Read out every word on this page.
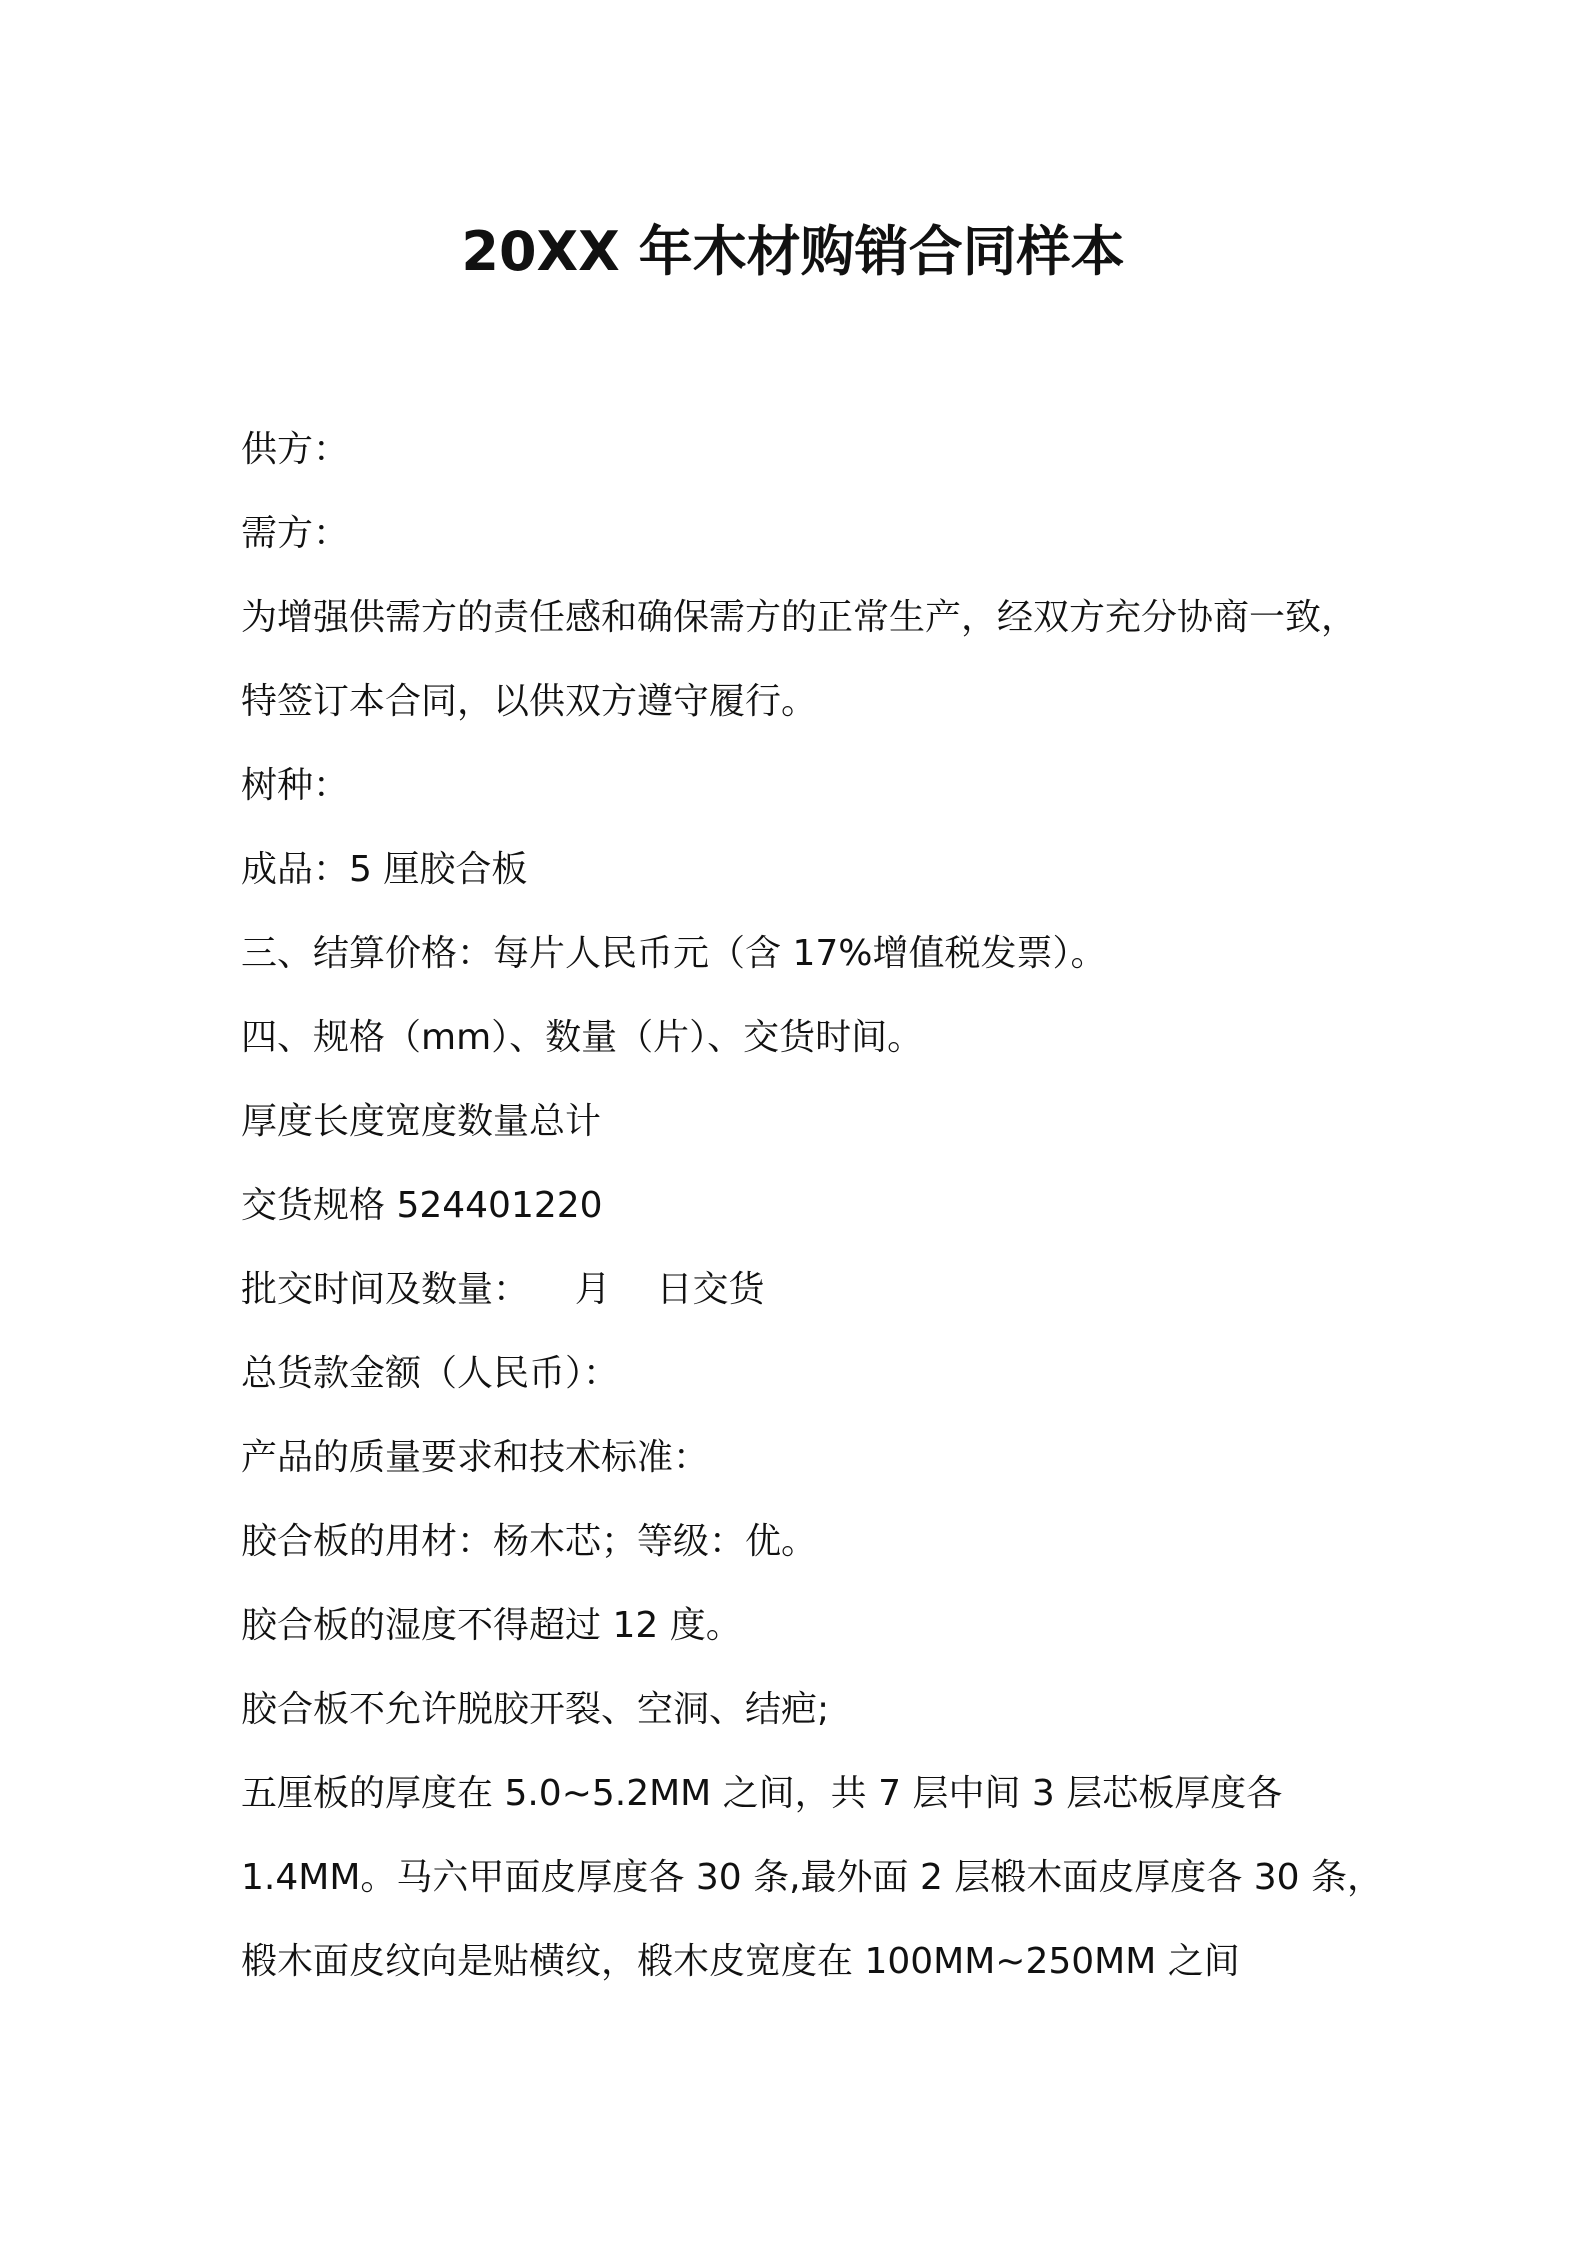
20XX 年木材购销合同样本
供方：
需方：
为增强供需方的责任感和确保需方的正常生产，经双方充分协商一致，
特签订本合同，以供双方遵守履行。
树种：
成品：5 厘胶合板
三、结算价格：每片人民币元（含 17%增值税发票）。
四、规格（mm）、数量（片）、交货时间。
厚度长度宽度数量总计
交货规格 524401220
批交时间及数量：    月    日交货
总货款金额（人民币）：
产品的质量要求和技术标准：
胶合板的用材：杨木芯；等级：优。
胶合板的湿度不得超过 12 度。
胶合板不允许脱胶开裂、空洞、结疤;
五厘板的厚度在 5.0~5.2MM 之间，共 7 层中间 3 层芯板厚度各
1.4MM。马六甲面皮厚度各 30 条,最外面 2 层椴木面皮厚度各 30 条，
椴木面皮纹向是贴横纹，椴木皮宽度在 100MM~250MM 之间
